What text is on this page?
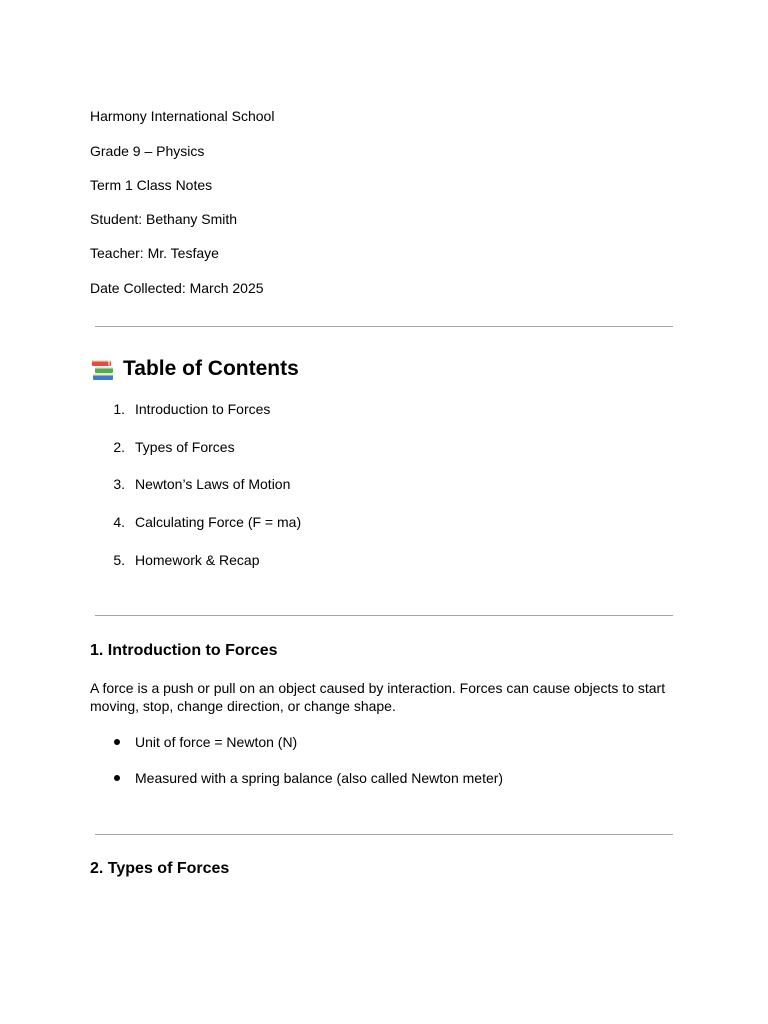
Harmony International School
Grade 9 – Physics
Term 1 Class Notes
Student: Bethany Smith
Teacher: Mr. Tesfaye
Date Collected: March 2025
Table of Contents
1. Introduction to Forces
2. Types of Forces
3. Newton’s Laws of Motion
4. Calculating Force (F = ma)
5. Homework & Recap
1. Introduction to Forces
A force is a push or pull on an object caused by interaction. Forces can cause objects to start moving, stop, change direction, or change shape.
Unit of force = Newton (N)
Measured with a spring balance (also called Newton meter)
2. Types of Forces
